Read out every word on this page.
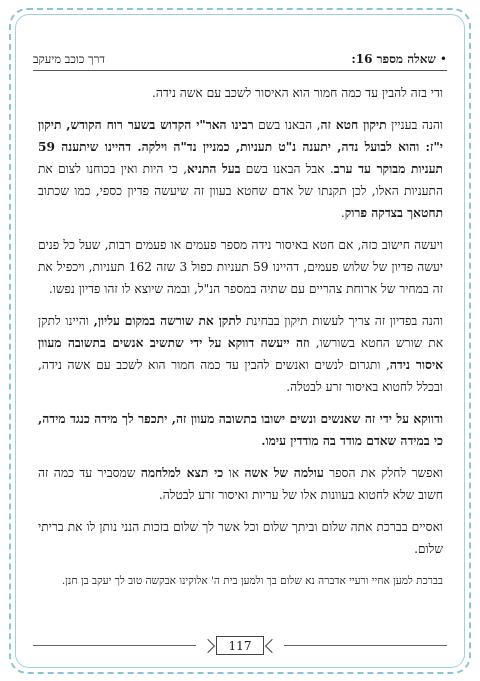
•שאלה מספר 16:
דרך כוכב מיעקב

ודי בזה להבין עד כמה חמור הוא האיסור לשכב עם אשה נידה.

והנה בעניין תיקון חטא זה, הבאנו בשם רבינו האר"י הקדוש בשער רוח הקודש, תיקון י"ז: והוא לבועל נדה, יתענה נ"ט תעניות, כמניין נד"ה וילקה. דהיינו שיתענה 59 תעניות מבוקר עד ערב. אבל הבאנו בשם בעל התניא, כי היות ואין בכוחנו לצום את התעניות האלו, לכן תקנתו של אדם שחטא בעוון זה שיעשה פדיון כספי, כמו שכתוב תחטאך בצדקה פרוק.

ויעשה חישוב כזה, אם חטא באיסור נידה מספר פעמים או פעמים רבות, שעל כל פנים יעשה פדיון של שלוש פעמים, דהיינו 59 תעניות כפול 3 שזה 162 תעניות, ויכפיל את זה במחיר של ארוחת צהריים עם שתיה במספר הנ"ל, ובמה שיוצא לו זהו פדיון נפשו.

והנה בפדיון זה צריך לעשות תיקון בבחינת לתקן את שורשה במקום עליון, והיינו לתקן את שורש החטא בשורשו, וזה ייעשה דווקא על ידי שתשיב אנשים בתשובה מעוון איסור נידה, ותגרום לנשים ואנשים להבין עד כמה חמור הוא לשכב עם אשה נידה, ובכלל לחטוא באיסור זרע לבטלה.

ודווקא על ידי זה שאנשים ונשים ישובו בתשובה מעוון זה, יתכפר לך מידה כנגד מידה, כי במידה שאדם מודד בה מודדין עימו.

ואפשר לחלק את הספר עולמה של אשה או כי תצא למלחמה שמסביר עד כמה זה חשוב שלא לחטוא בעוונות אלו של עריות ואיסור זרע לבטלה.

ואסיים בברכת אתה שלום וביתך שלום וכל אשר לך שלום בזכות הנני נותן לו את בריתי שלום.

בברכת למען אחיי ורעיי אדברה נא שלום בך ולמען בית ה' אלוקינו אבקשה טוב לך יעקב בן חנן.

117
